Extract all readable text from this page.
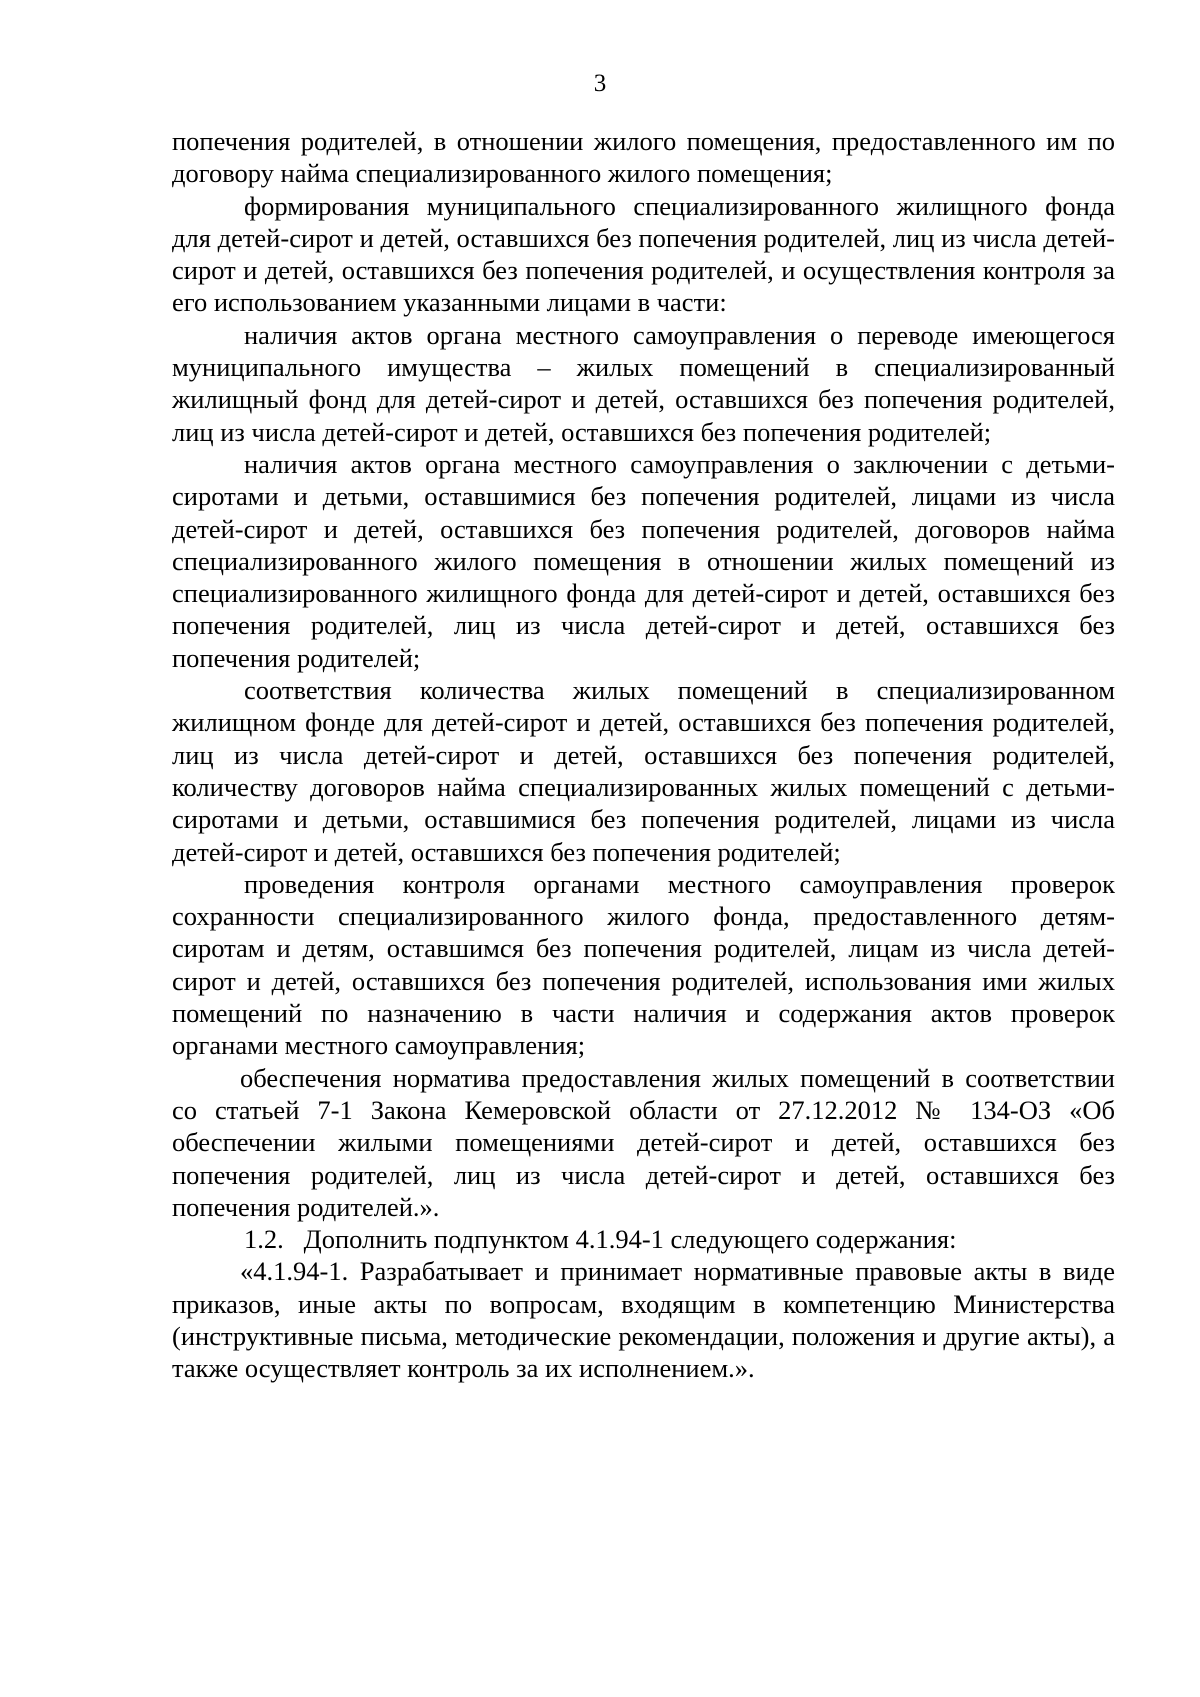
3

попечения родителей, в отношении жилого помещения, предоставленного им по договору найма специализированного жилого помещения;

формирования муниципального специализированного жилищного фонда для детей-сирот и детей, оставшихся без попечения родителей, лиц из числа детей-сирот и детей, оставшихся без попечения родителей, и осуществления контроля за его использованием указанными лицами в части:

наличия актов органа местного самоуправления о переводе имеющегося муниципального имущества – жилых помещений в специализированный жилищный фонд для детей-сирот и детей, оставшихся без попечения родителей, лиц из числа детей-сирот и детей, оставшихся без попечения родителей;

наличия актов органа местного самоуправления о заключении с детьми-сиротами и детьми, оставшимися без попечения родителей, лицами из числа детей-сирот и детей, оставшихся без попечения родителей, договоров найма специализированного жилого помещения в отношении жилых помещений из специализированного жилищного фонда для детей-сирот и детей, оставшихся без попечения родителей, лиц из числа детей-сирот и детей, оставшихся без попечения родителей;

соответствия количества жилых помещений в специализированном жилищном фонде для детей-сирот и детей, оставшихся без попечения родителей, лиц из числа детей-сирот и детей, оставшихся без попечения родителей, количеству договоров найма специализированных жилых помещений с детьми-сиротами и детьми, оставшимися без попечения родителей, лицами из числа детей-сирот и детей, оставшихся без попечения родителей;

проведения контроля органами местного самоуправления проверок сохранности специализированного жилого фонда, предоставленного детям-сиротам и детям, оставшимся без попечения родителей, лицам из числа детей-сирот и детей, оставшихся без попечения родителей, использования ими жилых помещений по назначению в части наличия и содержания актов проверок органами местного самоуправления;

обеспечения норматива предоставления жилых помещений в соответствии со статьей 7-1 Закона Кемеровской области от 27.12.2012 № 134-ОЗ «Об обеспечении жилыми помещениями детей-сирот и детей, оставшихся без попечения родителей, лиц из числа детей-сирот и детей, оставшихся без попечения родителей.».

1.2.   Дополнить подпунктом 4.1.94-1 следующего содержания:

«4.1.94-1. Разрабатывает и принимает нормативные правовые акты в виде приказов, иные акты по вопросам, входящим в компетенцию Министерства (инструктивные письма, методические рекомендации, положения и другие акты), а также осуществляет контроль за их исполнением.».
